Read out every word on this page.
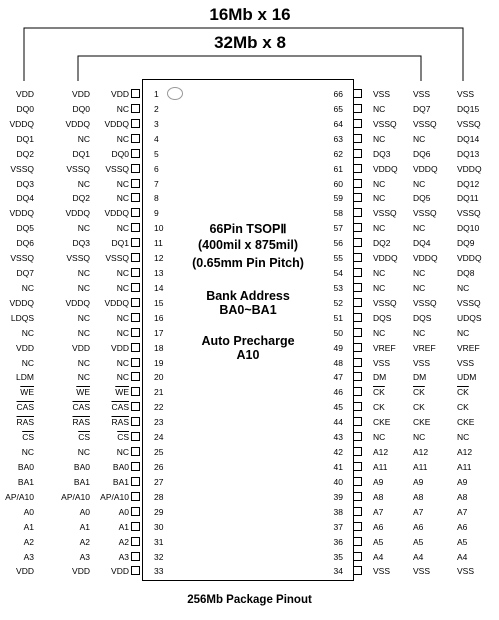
16Mb x 16
32Mb x 8
66Pin TSOPⅡ
(400mil x 875mil)
(0.65mm Pin Pitch)
Bank Address
BA0~BA1
Auto Precharge
A10
VDD	VDD	VDD	1
DQ0	DQ0	NC	2
VDDQ	VDDQ	VDDQ	3
DQ1	NC	NC	4
DQ2	DQ1	DQ0	5
VSSQ	VSSQ	VSSQ	6
DQ3	NC	NC	7
DQ4	DQ2	NC	8
VDDQ	VDDQ	VDDQ	9
DQ5	NC	NC	10
DQ6	DQ3	DQ1	11
VSSQ	VSSQ	VSSQ	12
DQ7	NC	NC	13
NC	NC	NC	14
VDDQ	VDDQ	VDDQ	15
LDQS	NC	NC	16
NC	NC	NC	17
VDD	VDD	VDD	18
NC	NC	NC	19
LDM	NC	NC	20
$\overline{WE}$	$\overline{WE}$	$\overline{WE}$	21
$\overline{CAS}$	$\overline{CAS}$	$\overline{CAS}$	22
$\overline{RAS}$	$\overline{RAS}$	$\overline{RAS}$	23
$\overline{CS}$	$\overline{CS}$	$\overline{CS}$	24
NC	NC	NC	25
BA0	BA0	BA0	26
BA1	BA1	BA1	27
AP/A10	AP/A10	AP/A10	28
A0	A0	A0	29
A1	A1	A1	30
A2	A2	A2	31
A3	A3	A3	32
VDD	VDD	VDD	33
66	VSS	VSS	VSS
65	NC	DQ7	DQ15
64	VSSQ VSSQ VSSQ
63	NC	NC	DQ14
62	DQ3	DQ6	DQ13
61	VDDQ VDDQ VDDQ
60	NC	NC	DQ12
59	NC	DQ5	DQ11
58	VSSQ VSSQ VSSQ
57	NC	NC	DQ10
56	DQ2	DQ4	DQ9
55	VDDQ VDDQ VDDQ
54	NC	NC	DQ8
53	NC	NC	NC
52	VSSQ VSSQ VSSQ
51	DQS	DQS	UDQS
50	NC	NC	NC
49	VREF VREF	VREF
48	VSS	VSS	VSS
47	DM	DM	UDM
46	$\overline{CK}$	$\overline{CK}$	$\overline{CK}$
45	CK	CK	CK
44	CKE	CKE	CKE
43	NC	NC	NC
42	A12	A12	A12
41	A11	A11	A11
40	A9	A9	A9
39	A8	A8	A8
38	A7	A7	A7
37	A6	A6	A6
36	A5	A5	A5
35	A4	A4	A4
34	VSS	VSS	VSS
256Mb Package Pinout
